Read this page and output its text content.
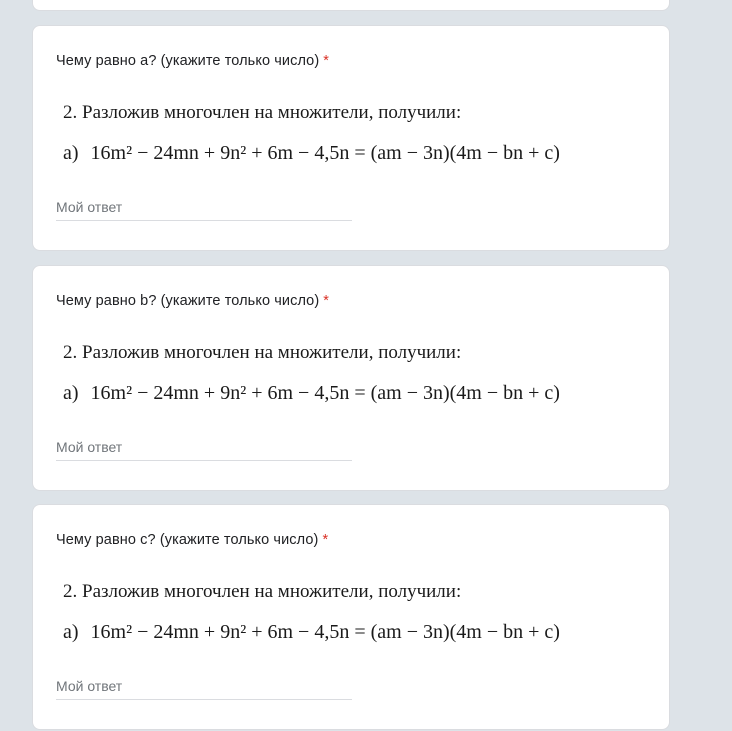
Чему равно а? (укажите только число) *
2. Разложив многочлен на множители, получили:
а) 16m² − 24mn + 9n² + 6m − 4,5n = (am − 3n)(4m − bn + c)
Мой ответ
Чему равно b? (укажите только число) *
2. Разложив многочлен на множители, получили:
а) 16m² − 24mn + 9n² + 6m − 4,5n = (am − 3n)(4m − bn + c)
Мой ответ
Чему равно с? (укажите только число) *
2. Разложив многочлен на множители, получили:
а) 16m² − 24mn + 9n² + 6m − 4,5n = (am − 3n)(4m − bn + c)
Мой ответ
